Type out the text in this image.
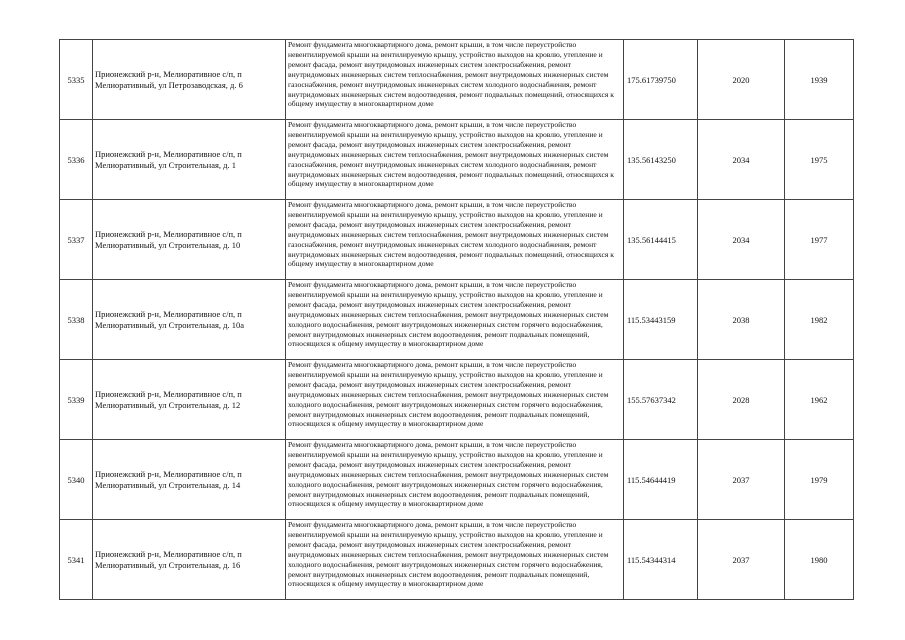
5335	Прионежский р-н, Мелиоративное с/п, п Мелиоративный, ул Петрозаводская, д. 6	Ремонт фундамента многоквартирного дома, ремонт крыши, в том числе переустройство невентилируемой крыши на вентилируемую крышу, устройство выходов на кровлю, утепление и ремонт фасада, ремонт внутридомовых инженерных систем электроснабжения, ремонт внутридомовых инженерных систем теплоснабжения, ремонт внутридомовых инженерных систем газоснабжения, ремонт внутридомовых инженерных систем холодного водоснабжения, ремонт внутридомовых инженерных систем водоотведения, ремонт подвальных помещений, относящихся к общему имуществу в многоквартирном доме	175.61739750	2020	1939
5336	Прионежский р-н, Мелиоративное с/п, п Мелиоративный, ул Строительная, д. 1	Ремонт фундамента многоквартирного дома, ремонт крыши, в том числе переустройство невентилируемой крыши на вентилируемую крышу, устройство выходов на кровлю, утепление и ремонт фасада, ремонт внутридомовых инженерных систем электроснабжения, ремонт внутридомовых инженерных систем теплоснабжения, ремонт внутридомовых инженерных систем газоснабжения, ремонт внутридомовых инженерных систем холодного водоснабжения, ремонт внутридомовых инженерных систем водоотведения, ремонт подвальных помещений, относящихся к общему имуществу в многоквартирном доме	135.56143250	2034	1975
5337	Прионежский р-н, Мелиоративное с/п, п Мелиоративный, ул Строительная, д. 10	Ремонт фундамента многоквартирного дома, ремонт крыши, в том числе переустройство невентилируемой крыши на вентилируемую крышу, устройство выходов на кровлю, утепление и ремонт фасада, ремонт внутридомовых инженерных систем электроснабжения, ремонт внутридомовых инженерных систем теплоснабжения, ремонт внутридомовых инженерных систем газоснабжения, ремонт внутридомовых инженерных систем холодного водоснабжения, ремонт внутридомовых инженерных систем водоотведения, ремонт подвальных помещений, относящихся к общему имуществу в многоквартирном доме	135.56144415	2034	1977
5338	Прионежский р-н, Мелиоративное с/п, п Мелиоративный, ул Строительная, д. 10а	Ремонт фундамента многоквартирного дома, ремонт крыши, в том числе переустройство невентилируемой крыши на вентилируемую крышу, устройство выходов на кровлю, утепление и ремонт фасада, ремонт внутридомовых инженерных систем электроснабжения, ремонт внутридомовых инженерных систем теплоснабжения, ремонт внутридомовых инженерных систем холодного водоснабжения, ремонт внутридомовых инженерных систем горячего водоснабжения, ремонт внутридомовых инженерных систем водоотведения, ремонт подвальных помещений, относящихся к общему имуществу в многоквартирном доме	115.53443159	2038	1982
5339	Прионежский р-н, Мелиоративное с/п, п Мелиоративный, ул Строительная, д. 12	Ремонт фундамента многоквартирного дома, ремонт крыши, в том числе переустройство невентилируемой крыши на вентилируемую крышу, устройство выходов на кровлю, утепление и ремонт фасада, ремонт внутридомовых инженерных систем электроснабжения, ремонт внутридомовых инженерных систем теплоснабжения, ремонт внутридомовых инженерных систем холодного водоснабжения, ремонт внутридомовых инженерных систем горячего водоснабжения, ремонт внутридомовых инженерных систем водоотведения, ремонт подвальных помещений, относящихся к общему имуществу в многоквартирном доме	155.57637342	2028	1962
5340	Прионежский р-н, Мелиоративное с/п, п Мелиоративный, ул Строительная, д. 14	Ремонт фундамента многоквартирного дома, ремонт крыши, в том числе переустройство невентилируемой крыши на вентилируемую крышу, устройство выходов на кровлю, утепление и ремонт фасада, ремонт внутридомовых инженерных систем электроснабжения, ремонт внутридомовых инженерных систем теплоснабжения, ремонт внутридомовых инженерных систем холодного водоснабжения, ремонт внутридомовых инженерных систем горячего водоснабжения, ремонт внутридомовых инженерных систем водоотведения, ремонт подвальных помещений, относящихся к общему имуществу в многоквартирном доме	115.54644419	2037	1979
5341	Прионежский р-н, Мелиоративное с/п, п Мелиоративный, ул Строительная, д. 16	Ремонт фундамента многоквартирного дома, ремонт крыши, в том числе переустройство невентилируемой крыши на вентилируемую крышу, устройство выходов на кровлю, утепление и ремонт фасада, ремонт внутридомовых инженерных систем электроснабжения, ремонт внутридомовых инженерных систем теплоснабжения, ремонт внутридомовых инженерных систем холодного водоснабжения, ремонт внутридомовых инженерных систем горячего водоснабжения, ремонт внутридомовых инженерных систем водоотведения, ремонт подвальных помещений, относящихся к общему имуществу в многоквартирном доме	115.54344314	2037	1980
